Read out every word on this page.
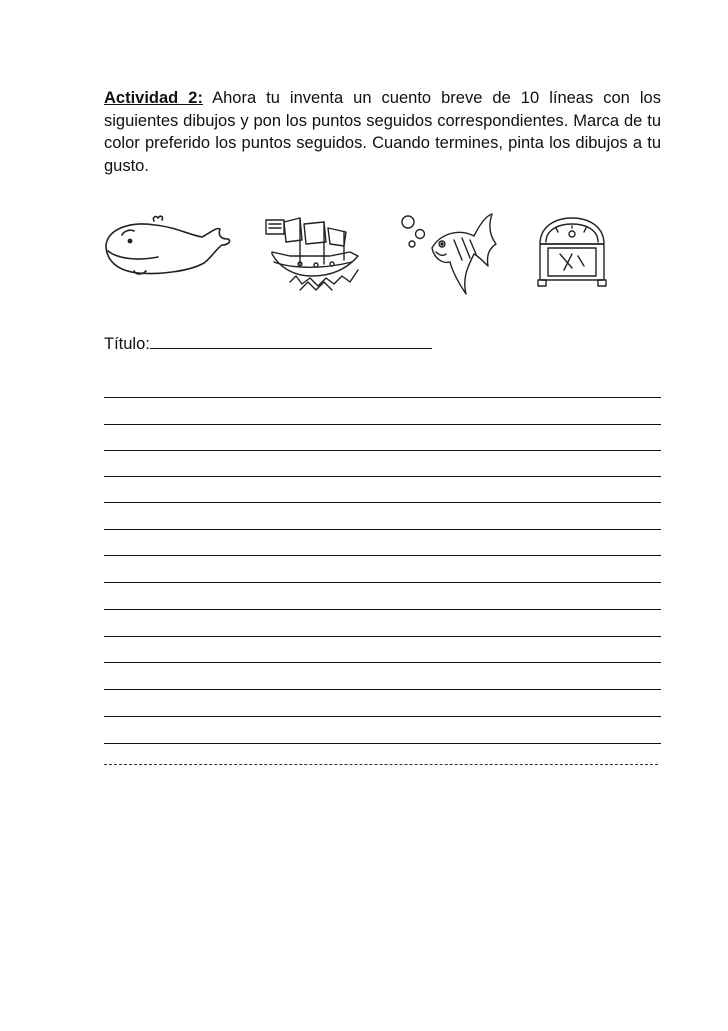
Actividad 2: Ahora tu inventa un cuento breve de 10 líneas con los siguientes dibujos y pon los puntos seguidos correspondientes. Marca de tu color preferido los puntos seguidos. Cuando termines, pinta los dibujos a tu gusto.
Título:
